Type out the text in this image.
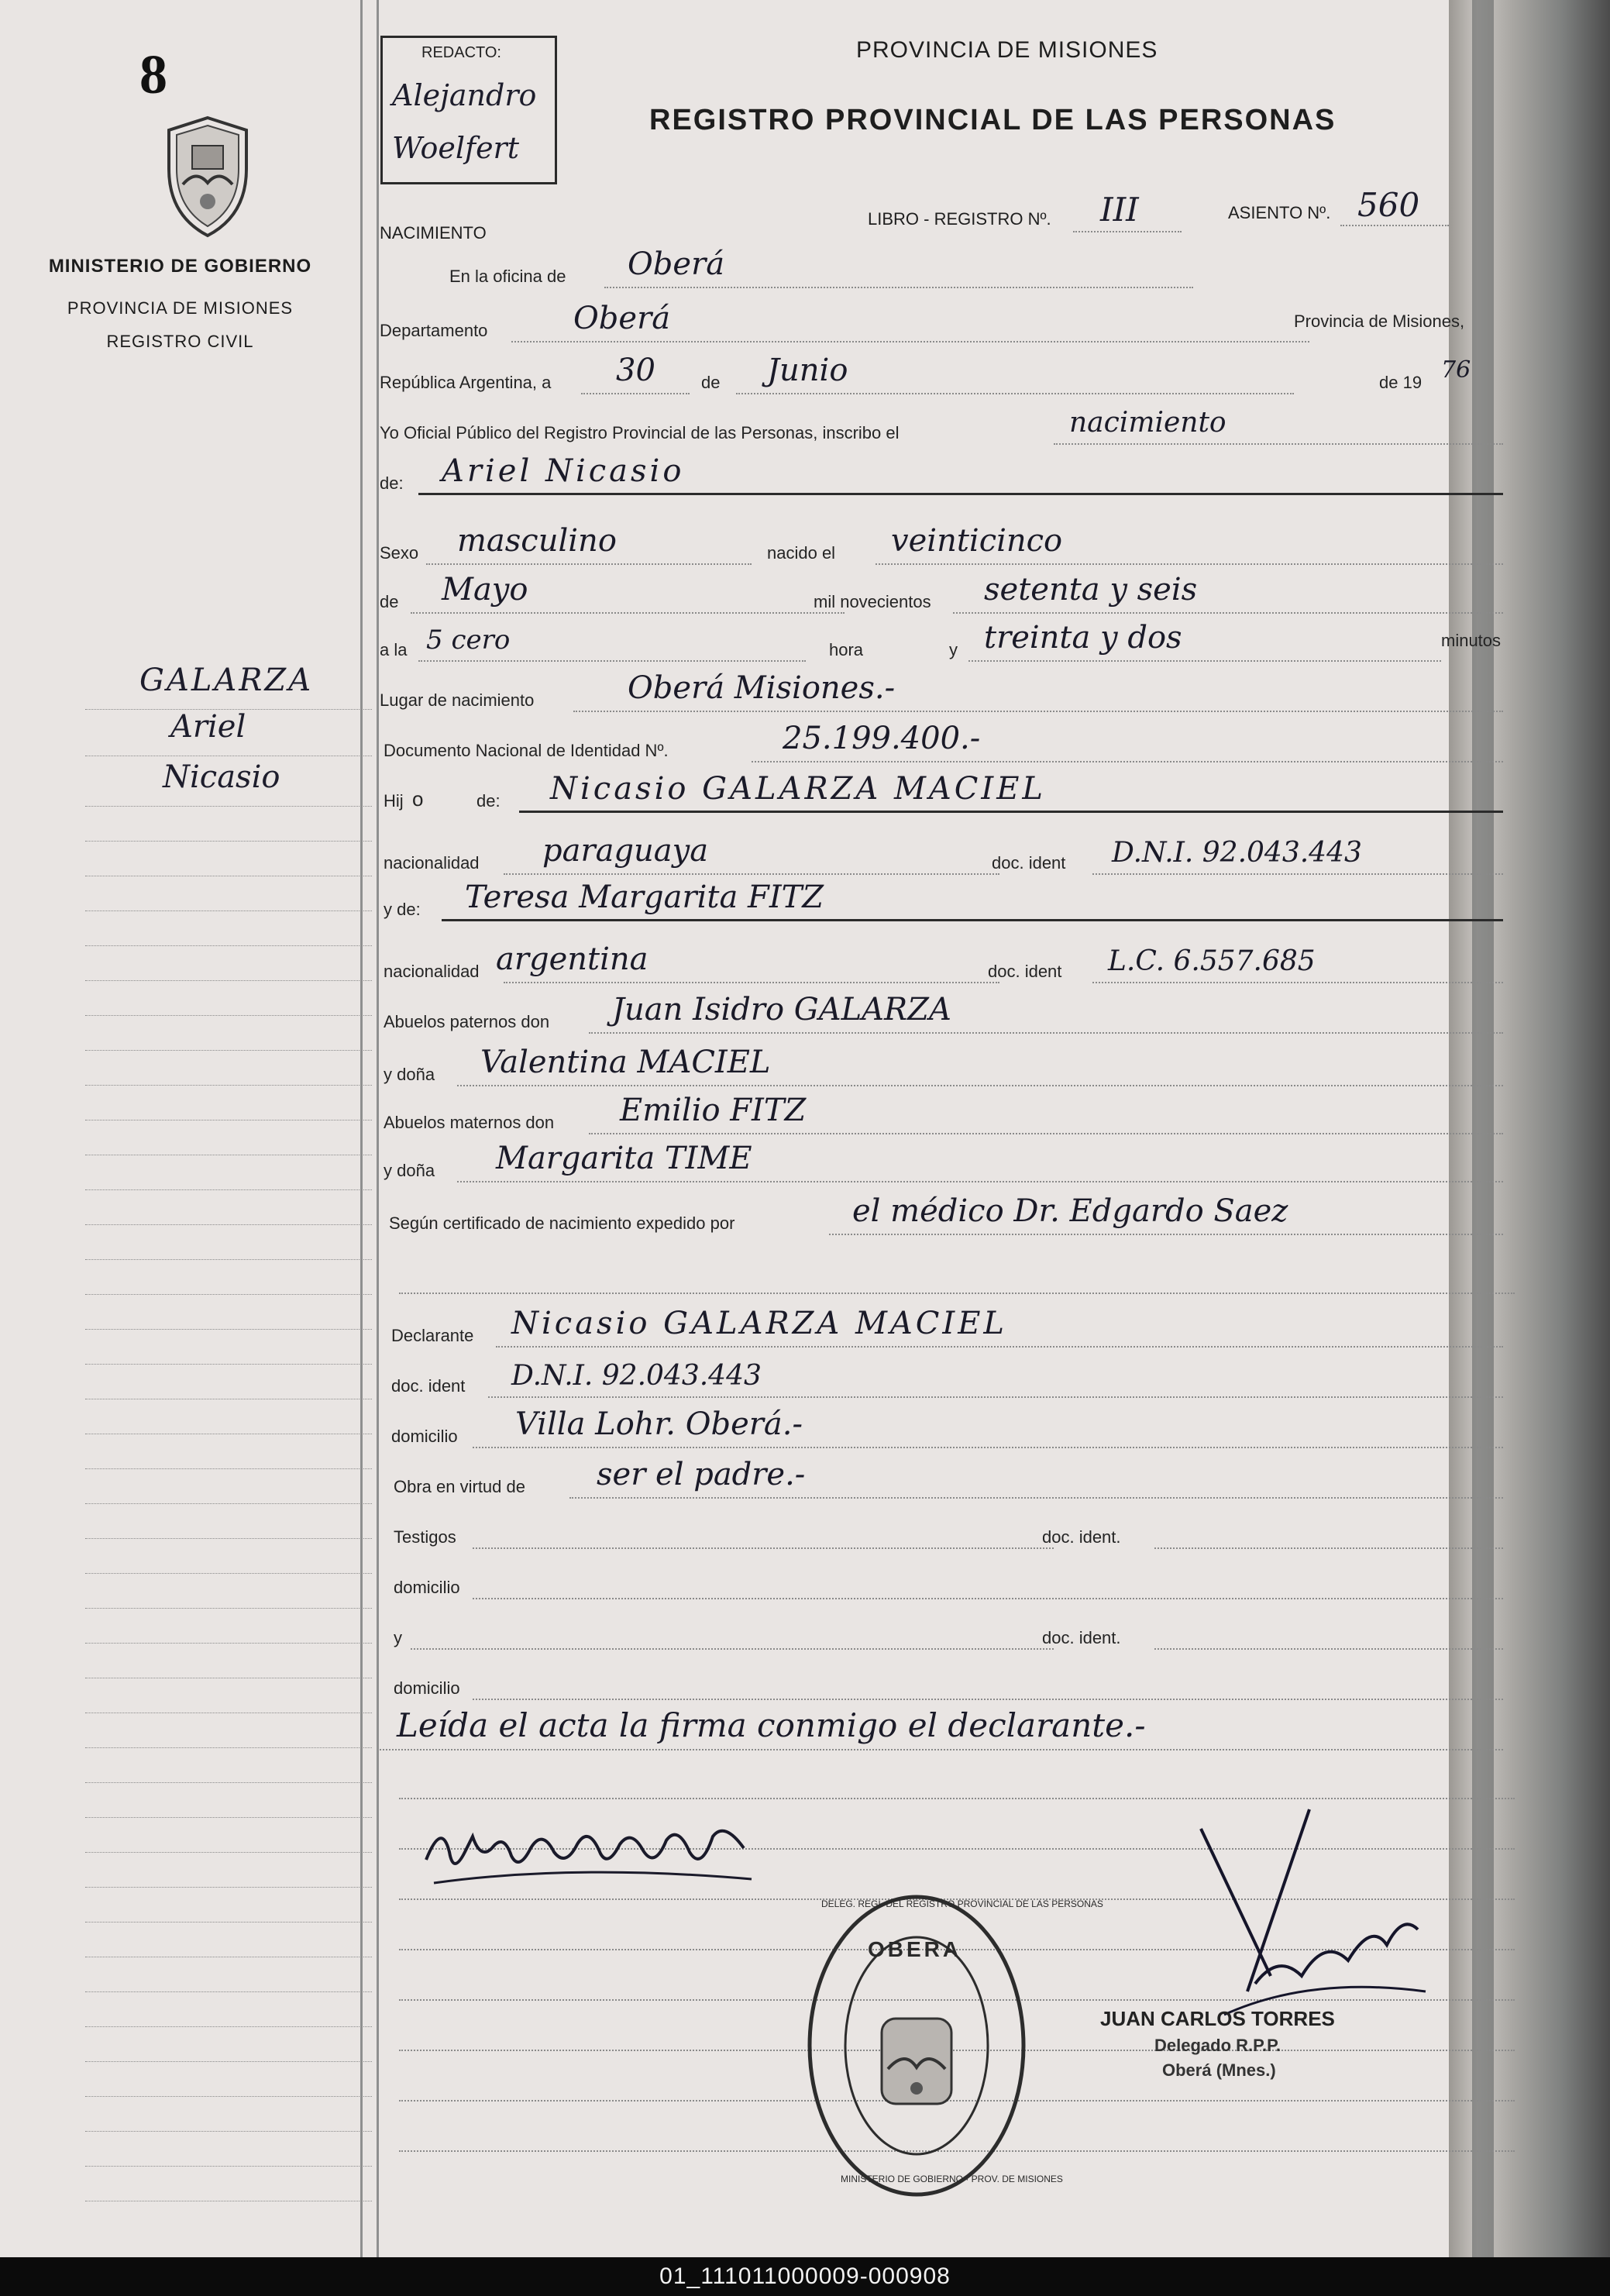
8
MINISTERIO DE GOBIERNO
PROVINCIA DE MISIONES
REGISTRO CIVIL
GALARZA
Ariel
Nicasio
REDACTO:
Alejandro
Woelfert
PROVINCIA DE MISIONES
REGISTRO PROVINCIAL DE LAS PERSONAS
NACIMIENTO
LIBRO - REGISTRO Nº. III	ASIENTO Nº. 560
En la oficina de Oberá
Departamento	Oberá	Provincia de Misiones,
República Argentina, a 30	de Junio	de 19 76
Yo Oficial Público del Registro Provincial de las Personas, inscribo el	nacimiento
de: Ariel Nicasio
Sexo masculino	nacido el veinticinco
de Mayo	mil novecientos setenta y seis
a la 5 cero	hora	y treinta y dos	minutos
Lugar de nacimiento	Oberá Misiones.-
Documento Nacional de Identidad Nº.	25.199.400.-
Hij o	de: Nicasio GALARZA MACIEL
nacionalidad paraguaya	doc. ident D.N.I. 92.043.443
y de: Teresa Margarita FITZ
nacionalidad argentina	doc. ident L.C. 6.557.685
Abuelos paternos don Juan Isidro GALARZA
y doña Valentina MACIEL
Abuelos maternos don Emilio FITZ
y doña Margarita TIME
Según certificado de nacimiento expedido por	el médico Dr. Edgardo Saez
Declarante Nicasio GALARZA MACIEL
doc. ident D.N.I. 92.043.443
domicilio Villa Lohr. Oberá.-
Obra en virtud de ser el padre.-
Testigos	doc. ident.
domicilio
y	doc. ident.
domicilio
Leída el acta la firma conmigo el declarante.-
OBERA
DELEG. REGI. DEL REGISTRO PROVINCIAL DE LAS PERSONAS
MINISTERIO DE GOBIERNO · PROV. DE MISIONES
JUAN CARLOS TORRES
Delegado R.P.P.
Oberá (Mnes.)
01_111011000009-000908
